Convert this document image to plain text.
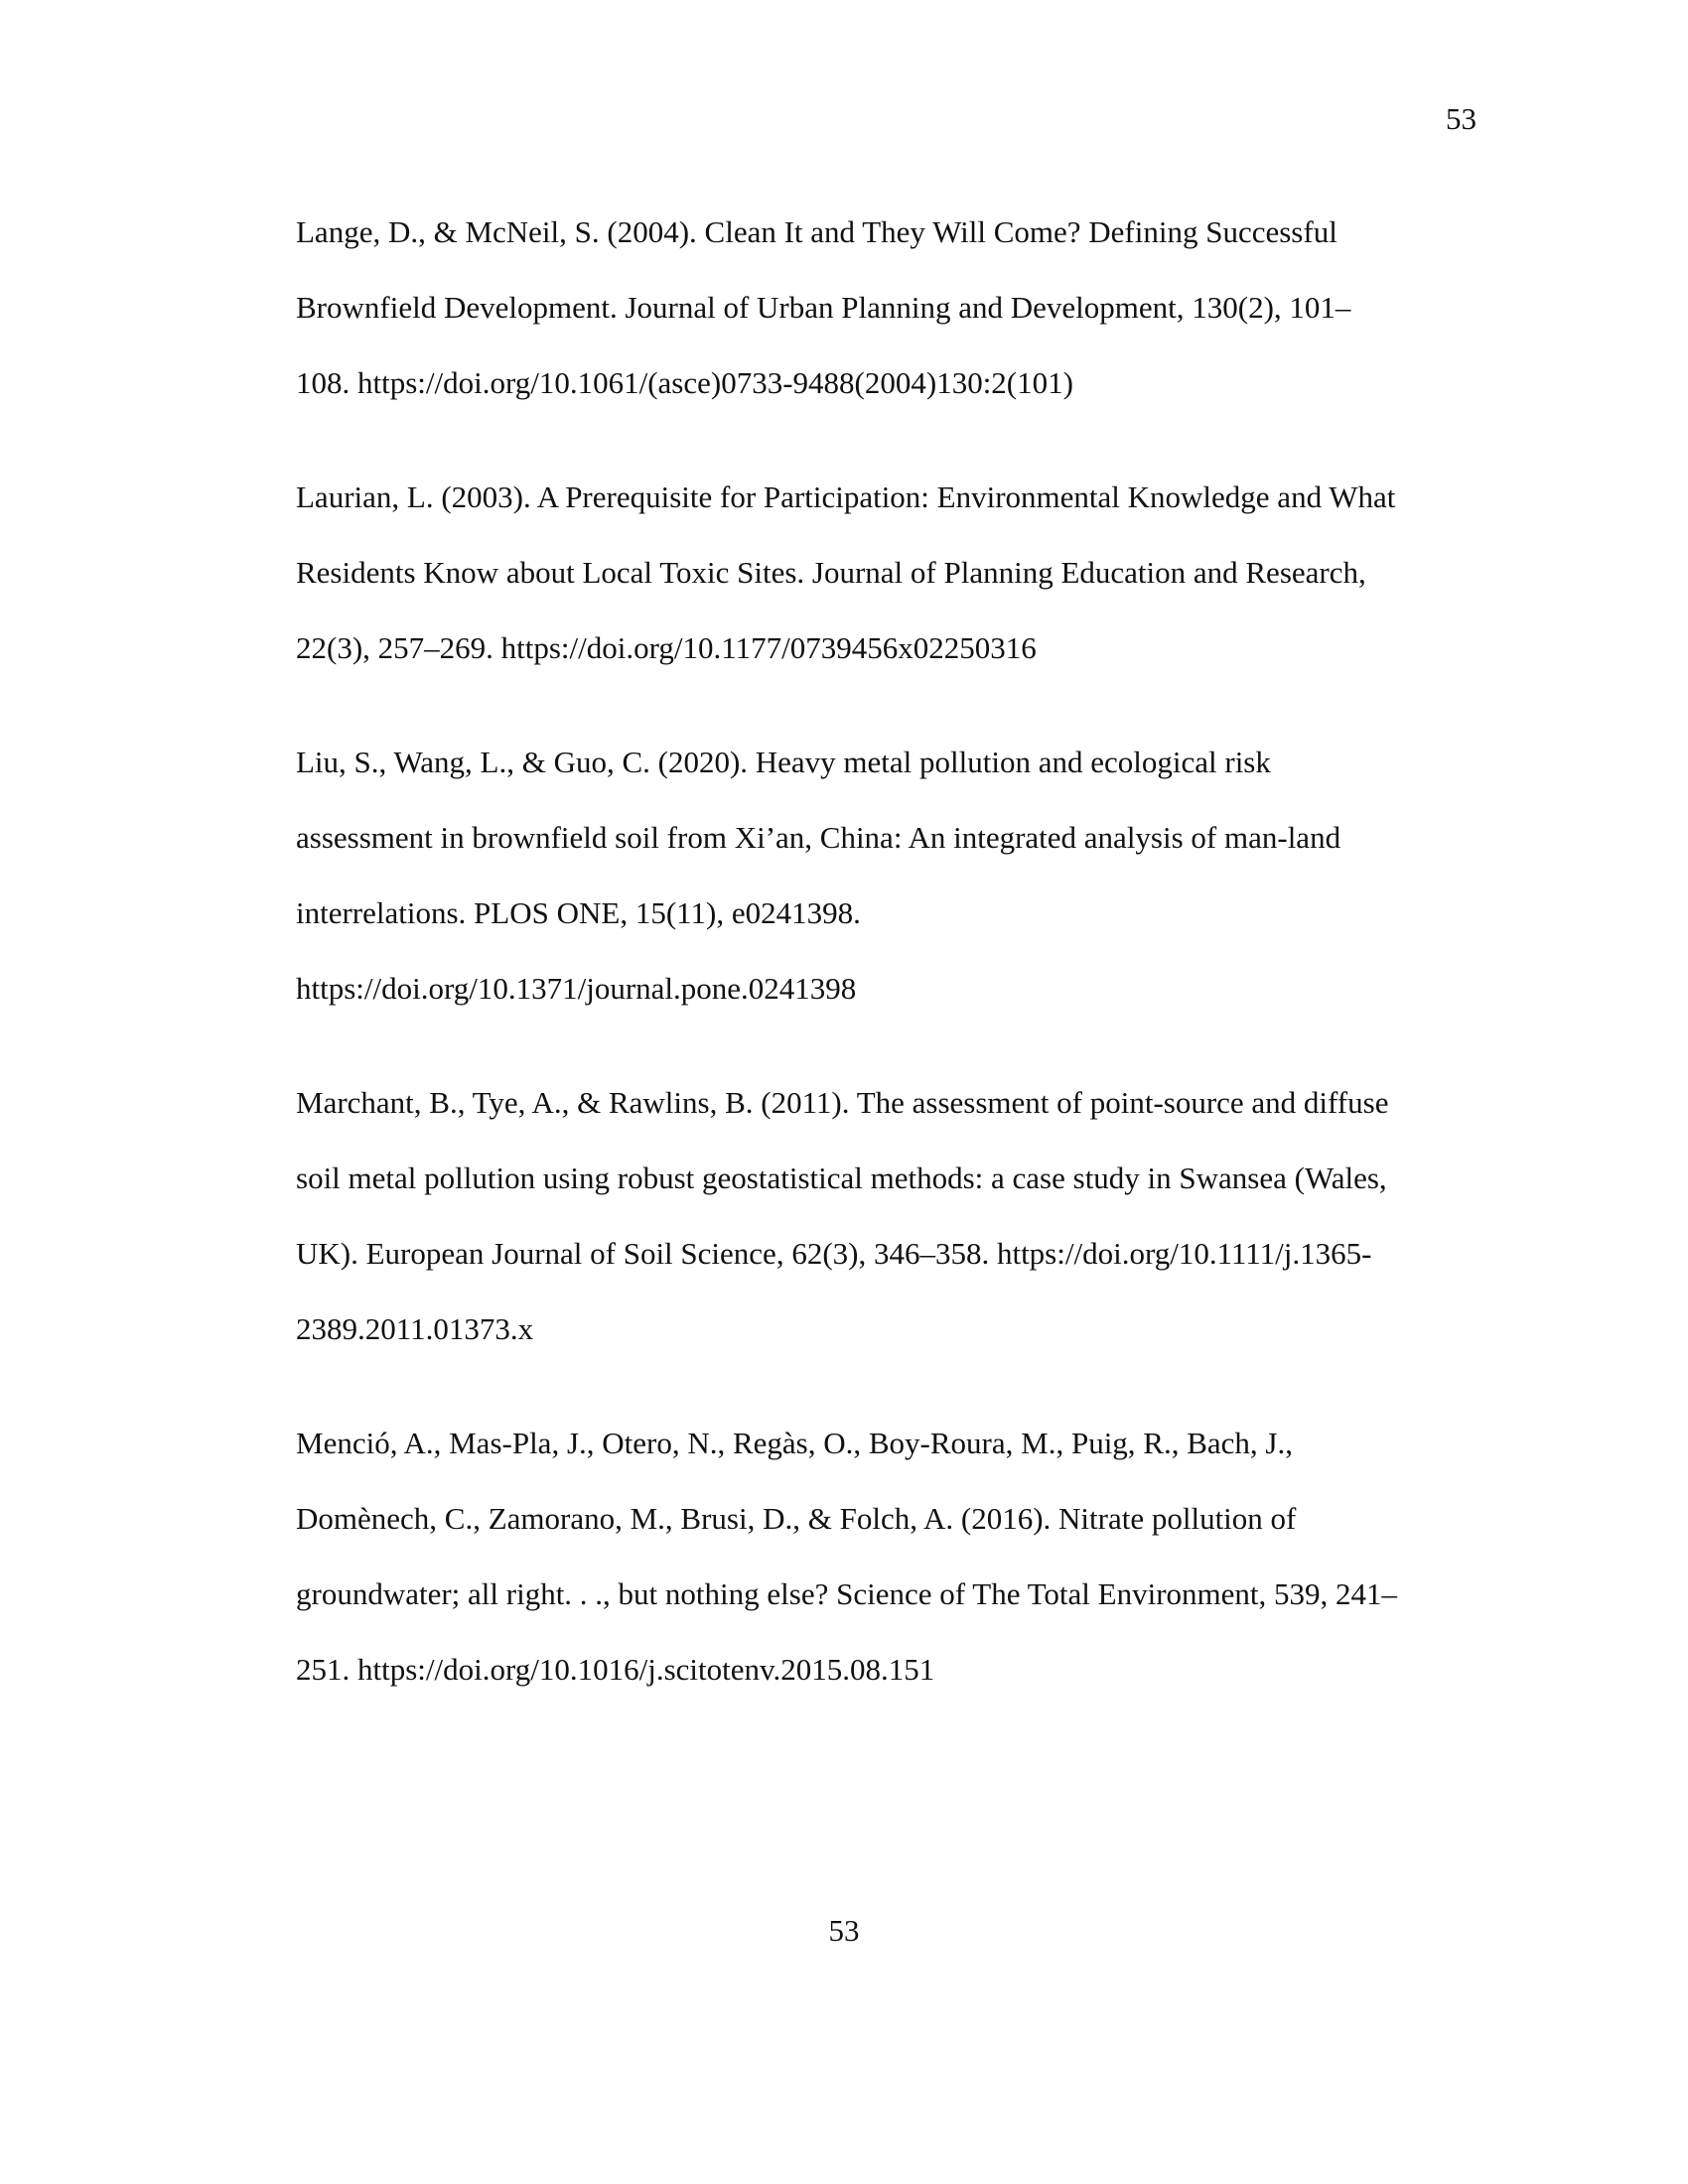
53
Lange, D., & McNeil, S. (2004). Clean It and They Will Come? Defining Successful
Brownfield Development. Journal of Urban Planning and Development, 130(2), 101–
108. https://doi.org/10.1061/(asce)0733-9488(2004)130:2(101)
Laurian, L. (2003). A Prerequisite for Participation: Environmental Knowledge and What
Residents Know about Local Toxic Sites. Journal of Planning Education and Research,
22(3), 257–269. https://doi.org/10.1177/0739456x02250316
Liu, S., Wang, L., & Guo, C. (2020). Heavy metal pollution and ecological risk
assessment in brownfield soil from Xi’an, China: An integrated analysis of man-land
interrelations. PLOS ONE, 15(11), e0241398.
https://doi.org/10.1371/journal.pone.0241398
Marchant, B., Tye, A., & Rawlins, B. (2011). The assessment of point-source and diffuse
soil metal pollution using robust geostatistical methods: a case study in Swansea (Wales,
UK). European Journal of Soil Science, 62(3), 346–358. https://doi.org/10.1111/j.1365-
2389.2011.01373.x
Menció, A., Mas-Pla, J., Otero, N., Regàs, O., Boy-Roura, M., Puig, R., Bach, J.,
Domènech, C., Zamorano, M., Brusi, D., & Folch, A. (2016). Nitrate pollution of
groundwater; all right. . ., but nothing else? Science of The Total Environment, 539, 241–
251. https://doi.org/10.1016/j.scitotenv.2015.08.151
53
